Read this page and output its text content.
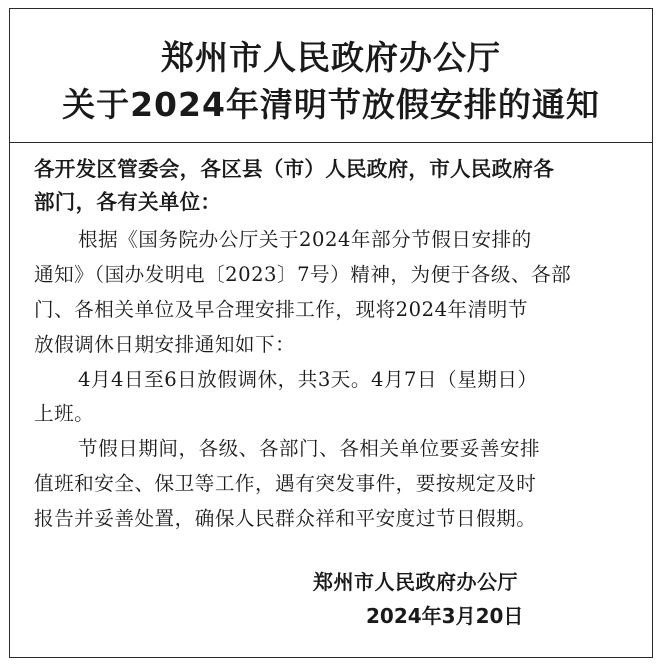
郑州市人民政府办公厅
关于2024年清明节放假安排的通知
各开发区管委会，各区县（市）人民政府，市人民政府各
部门，各有关单位：
根据《国务院办公厅关于2024年部分节假日安排的
通知》（国办发明电〔2023〕7号）精神，为便于各级、各部
门、各相关单位及早合理安排工作，现将2024年清明节
放假调休日期安排通知如下：
4月4日至6日放假调休，共3天。4月7日（星期日）
上班。
节假日期间，各级、各部门、各相关单位要妥善安排
值班和安全、保卫等工作，遇有突发事件，要按规定及时
报告并妥善处置，确保人民群众祥和平安度过节日假期。
郑州市人民政府办公厅
2024年3月20日
